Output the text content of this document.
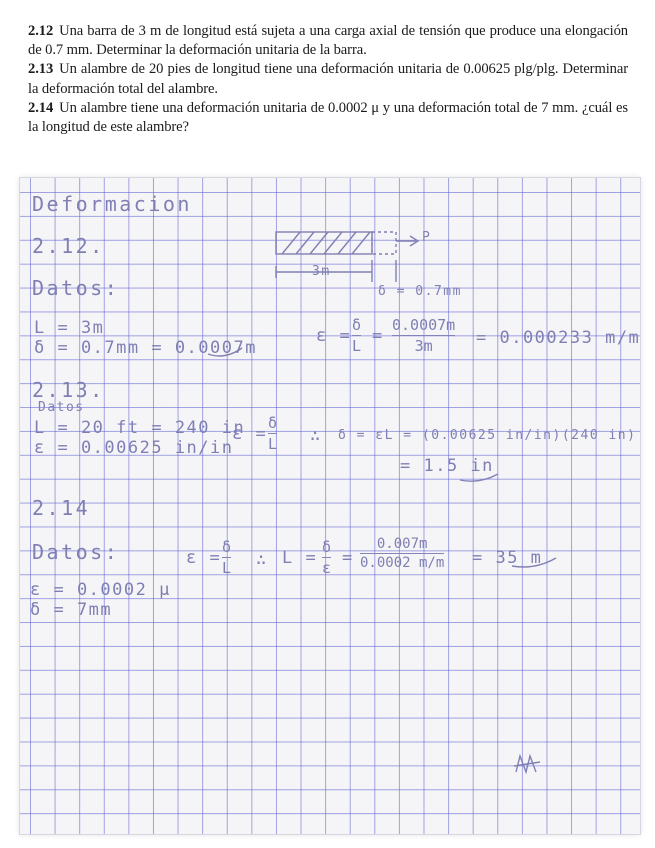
2.12 Una barra de 3 m de longitud está sujeta a una carga axial de tensión que produce una elongación de 0.7 mm. Determinar la deformación unitaria de la barra.

2.13 Un alambre de 20 pies de longitud tiene una deformación unitaria de 0.00625 plg/plg. Determinar la deformación total del alambre.

2.14 Un alambre tiene una deformación unitaria de 0.0002 μ y una deformación total de 7 mm. ¿cuál es la longitud de este alambre?

Deformacion
2.12.
Datos:
P
3m
δ = 0.7mm
L = 3m
δ = 0.7mm = 0.0007m
ε =
δ
L =
0.0007m
3m	= 0.000233 m/m
2.13.
Datos
L = 20 ft = 240 in
ε = 0.00625 in/in
ε =
δ
L ∴ δ = εL = (0.00625 in/in)(240 in)
= 1.5 in
2.14
Datos:
ε = 0.0002 μ
δ = 7mm
ε =
δ
L ∴ L =
δ
ε =
0.007m
0.0002 m/m = 35 m
